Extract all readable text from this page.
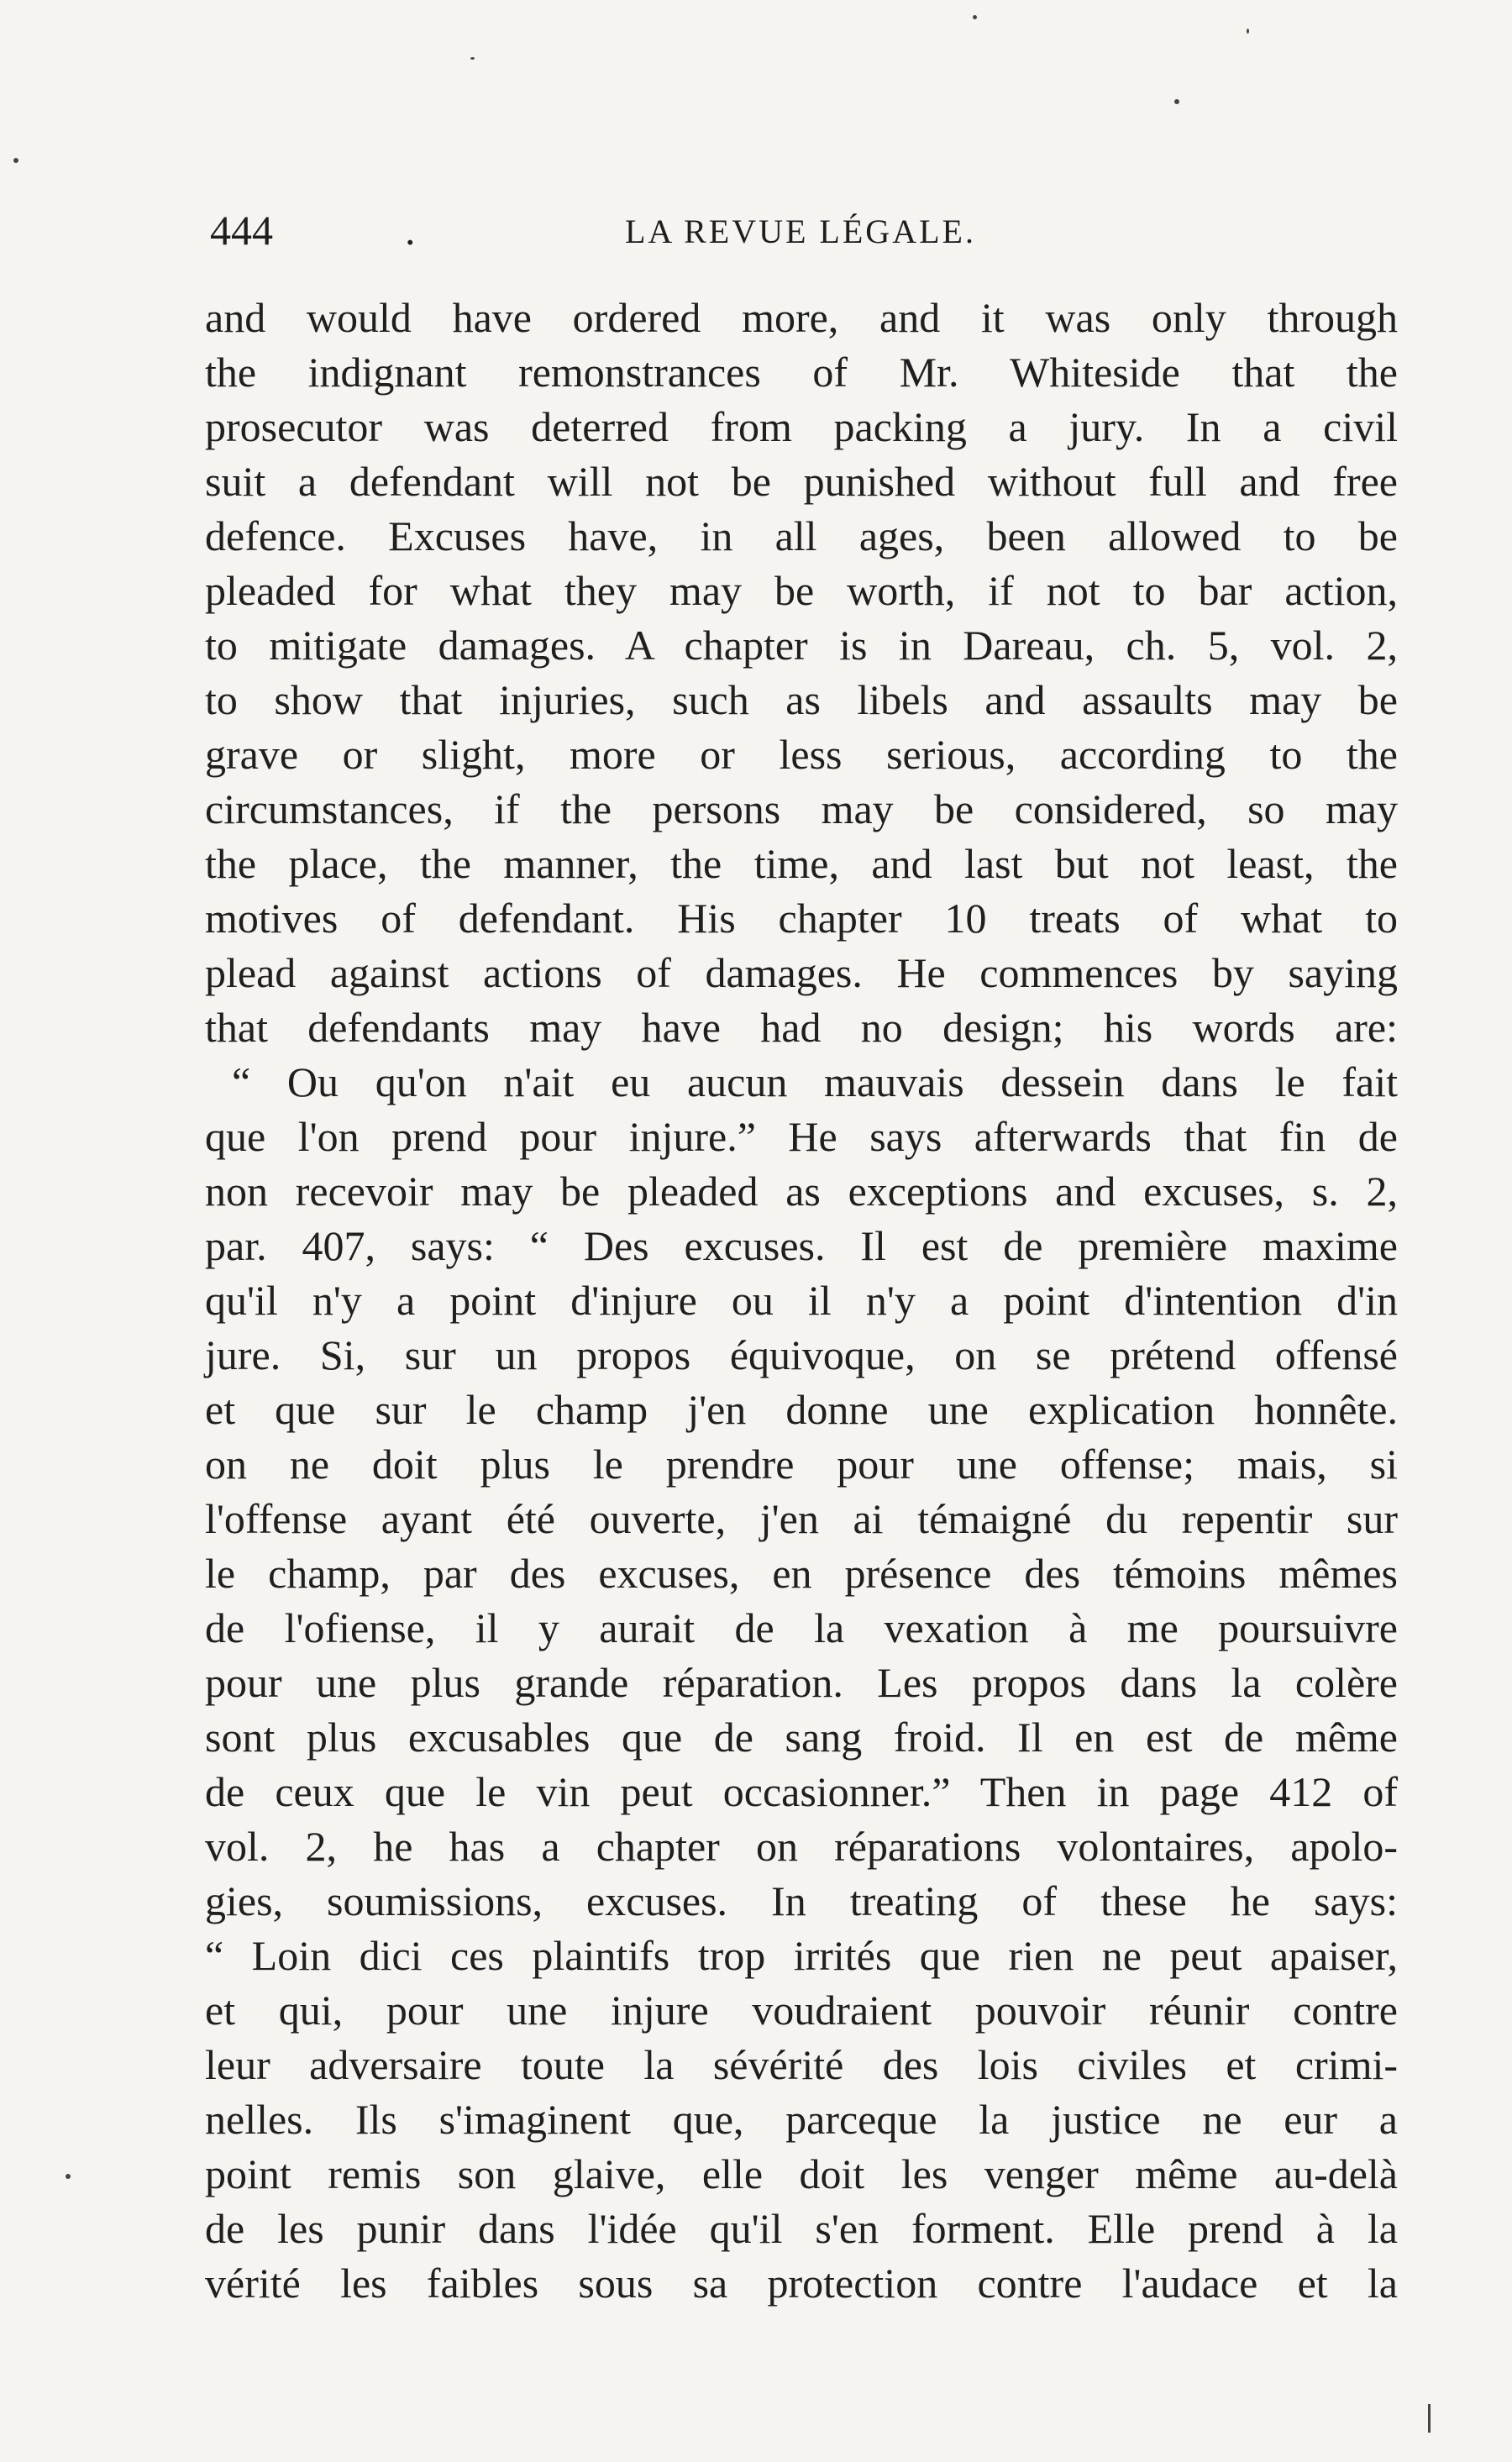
444	.	LA REVUE LÉGALE.
and would have ordered more, and it was only through
the indignant remonstrances of Mr. Whiteside that the
prosecutor was deterred from packing a jury. In a civil
suit a defendant will not be punished without full and free
defence. Excuses have, in all ages, been allowed to be
pleaded for what they may be worth, if not to bar action,
to mitigate damages. A chapter is in Dareau, ch. 5, vol. 2,
to show that injuries, such as libels and assaults may be
grave or slight, more or less serious, according to the
circumstances, if the persons may be considered, so may
the place, the manner, the time, and last but not least, the
motives of defendant. His chapter 10 treats of what to
plead against actions of damages. He commences by saying
that defendants may have had no design; his words are:
“ Ou qu'on n'ait eu aucun mauvais dessein dans le fait
que l'on prend pour injure.” He says afterwards that fin de
non recevoir may be pleaded as exceptions and excuses, s. 2,
par. 407, says: “ Des excuses. Il est de première maxime
qu'il n'y a point d'injure ou il n'y a point d'intention d'in
jure. Si, sur un propos équivoque, on se prétend offensé
et que sur le champ j'en donne une explication honnête.
on ne doit plus le prendre pour une offense; mais, si
l'offense ayant été ouverte, j'en ai témaigné du repentir sur
le champ, par des excuses, en présence des témoins mêmes
de l'ofiense, il y aurait de la vexation à me poursuivre
pour une plus grande réparation. Les propos dans la colère
sont plus excusables que de sang froid. Il en est de même
de ceux que le vin peut occasionner.” Then in page 412 of
vol. 2, he has a chapter on réparations volontaires, apolo-
gies, soumissions, excuses. In treating of these he says:
“ Loin dici ces plaintifs trop irrités que rien ne peut apaiser,
et qui, pour une injure voudraient pouvoir réunir contre
leur adversaire toute la sévérité des lois civiles et crimi-
nelles. Ils s'imaginent que, parceque la justice ne eur a
point remis son glaive, elle doit les venger même au-delà
de les punir dans l'idée qu'il s'en forment. Elle prend à la
vérité les faibles sous sa protection contre l'audace et la
